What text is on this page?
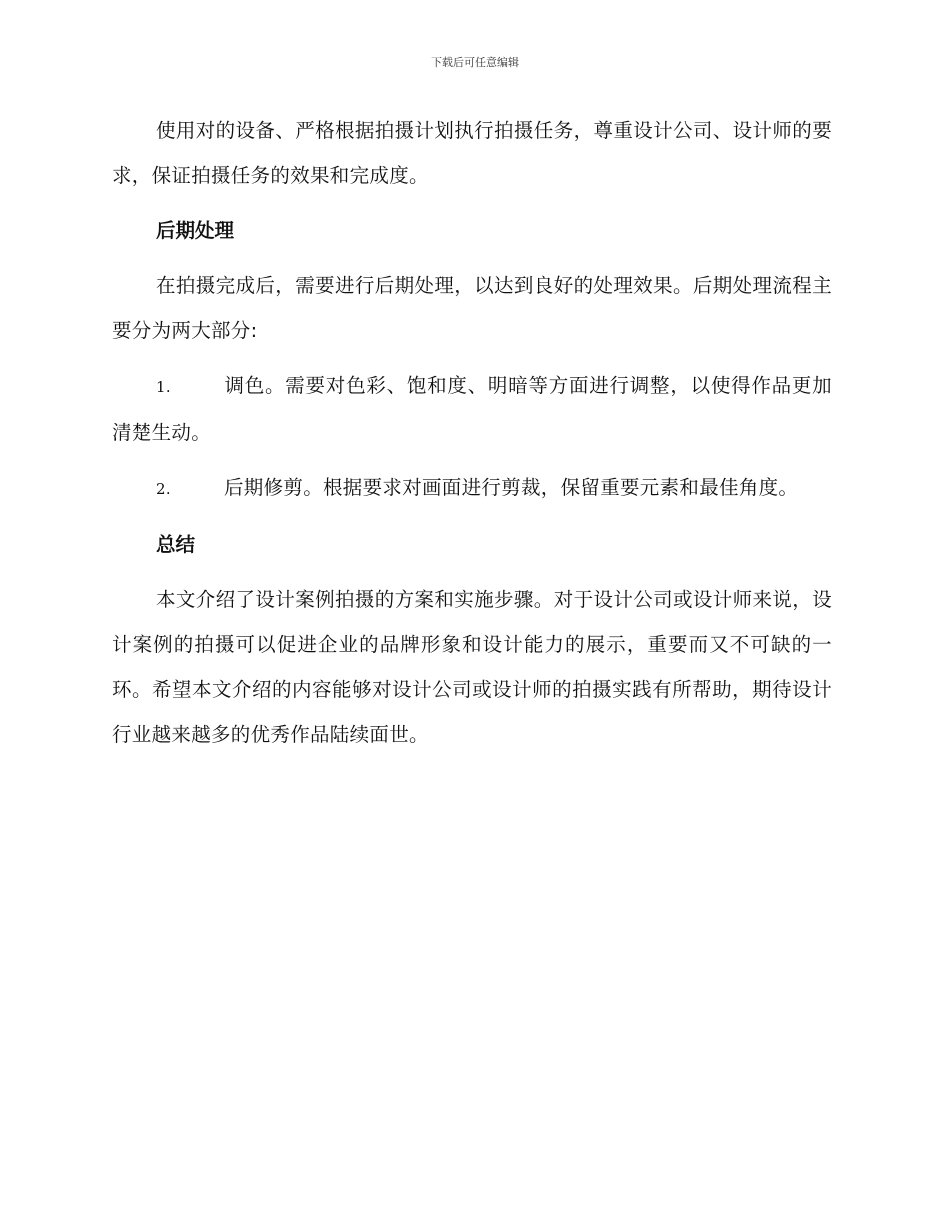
下载后可任意编辑

使用对的设备、严格根据拍摄计划执行拍摄任务，尊重设计公司、设计师的要求，保证拍摄任务的效果和完成度。

后期处理

在拍摄完成后，需要进行后期处理，以达到良好的处理效果。后期处理流程主要分为两大部分:

1.	调色。需要对色彩、饱和度、明暗等方面进行调整，以使得作品更加清楚生动。

2.	后期修剪。根据要求对画面进行剪裁，保留重要元素和最佳角度。

总结

本文介绍了设计案例拍摄的方案和实施步骤。对于设计公司或设计师来说，设计案例的拍摄可以促进企业的品牌形象和设计能力的展示，重要而又不可缺的一环。希望本文介绍的内容能够对设计公司或设计师的拍摄实践有所帮助，期待设计行业越来越多的优秀作品陆续面世。
